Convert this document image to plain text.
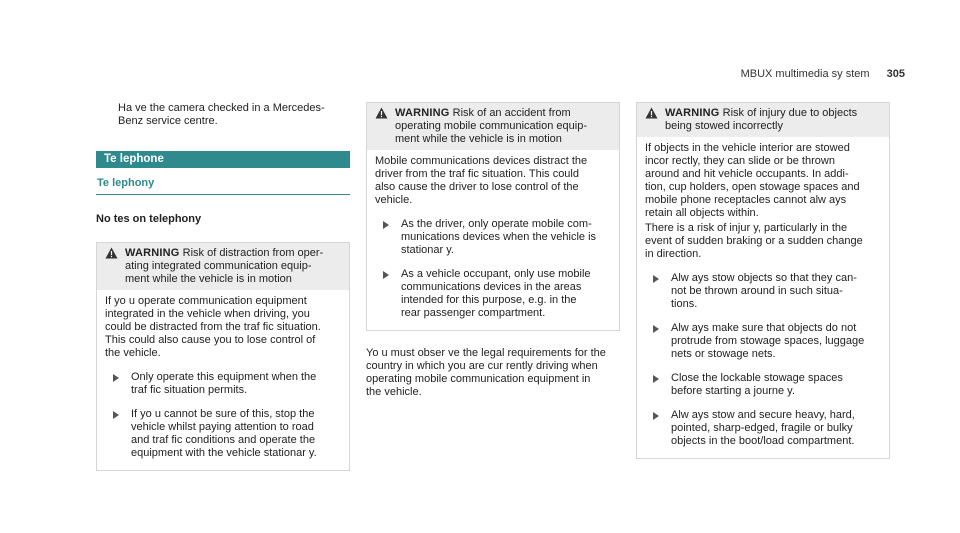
MBUX multimedia sy stem 305
Ha ve the camera checked in a Mercedes-
Benz service centre.
Te lephone
Te lephony
No tes on telephony
WARNING Risk of distraction from oper-
ating integrated communication equip-
ment while the vehicle is in motion
If yo u operate communication equipment
integrated in the vehicle when driving, you
could be distracted from the traf fic situation.
This could also cause you to lose control of
the vehicle.
Only operate this equipment when the
traf fic situation permits.
If yo u cannot be sure of this, stop the
vehicle whilst paying attention to road
and traf fic conditions and operate the
equipment with the vehicle stationar y.
WARNING Risk of an accident from
operating mobile communication equip-
ment while the vehicle is in motion
Mobile communications devices distract the
driver from the traf fic situation. This could
also cause the driver to lose control of the
vehicle.
As the driver, only operate mobile com-
munications devices when the vehicle is
stationar y.
As a vehicle occupant, only use mobile
communications devices in the areas
intended for this purpose, e.g. in the
rear passenger compartment.
Yo u must obser ve the legal requirements for the
country in which you are cur rently driving when
operating mobile communication equipment in
the vehicle.
WARNING Risk of injury due to objects
being stowed incorrectly
If objects in the vehicle interior are stowed
incor rectly, they can slide or be thrown
around and hit vehicle occupants. In addi‐
tion, cup holders, open stowage spaces and
mobile phone receptacles cannot alw ays
retain all objects within.
There is a risk of injur y, particularly in the
event of sudden braking or a sudden change
in direction.
Alw ays stow objects so that they can‐
not be thrown around in such situa‐
tions.
Alw ays make sure that objects do not
protrude from stowage spaces, luggage
nets or stowage nets.
Close the lockable stowage spaces
before starting a journe y.
Alw ays stow and secure heavy, hard,
pointed, sharp-edged, fragile or bulky
objects in the boot/load compartment.
